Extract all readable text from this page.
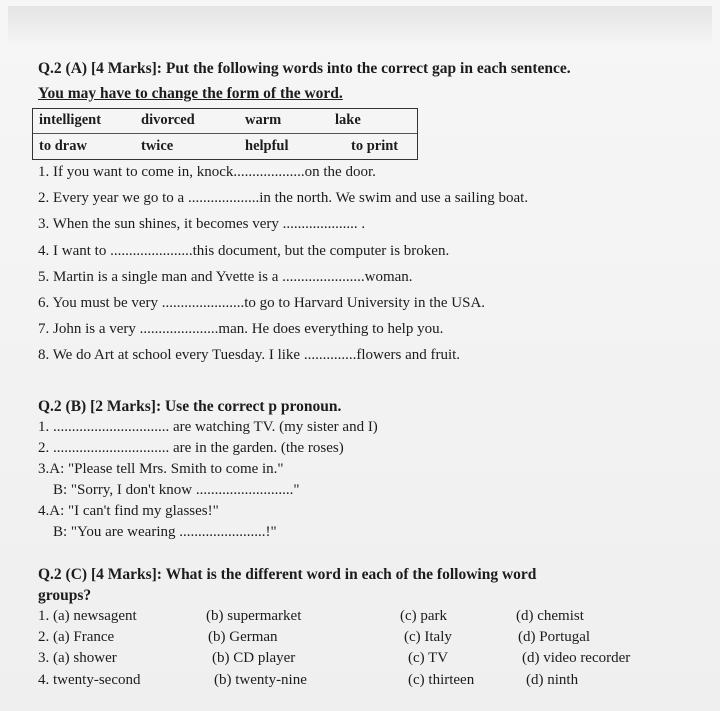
Q.2 (A) [4 Marks]: Put the following words into the correct gap in each sentence.
You may have to change the form of the word.
intelligent	divorced	warm	lake
to draw	twice	helpful	to print
1. If you want to come in, knock...................on the door.
2. Every year we go to a ...................in the north. We swim and use a sailing boat.
3. When the sun shines, it becomes very .................... .
4. I want to ......................this document, but the computer is broken.
5. Martin is a single man and Yvette is a ......................woman.
6. You must be very ......................to go to Harvard University in the USA.
7. John is a very .....................man. He does everything to help you.
8. We do Art at school every Tuesday. I like ..............flowers and fruit.
Q.2 (B) [2 Marks]: Use the correct p pronoun.
1. ............................... are watching TV. (my sister and I)
2. ............................... are in the garden. (the roses)
3.A: "Please tell Mrs. Smith to come in."
B: "Sorry, I don't know .........................."
4.A: "I can't find my glasses!"
B: "You are wearing .......................!"
Q.2 (C) [4 Marks]: What is the different word in each of the following word
groups?
1. (a) newsagent	(b) supermarket	(c) park	(d) chemist
2. (a) France	(b) German	(c) Italy	(d) Portugal
3. (a) shower	(b) CD player	(c) TV	(d) video recorder
4. twenty-second	(b) twenty-nine	(c) thirteen	(d) ninth
